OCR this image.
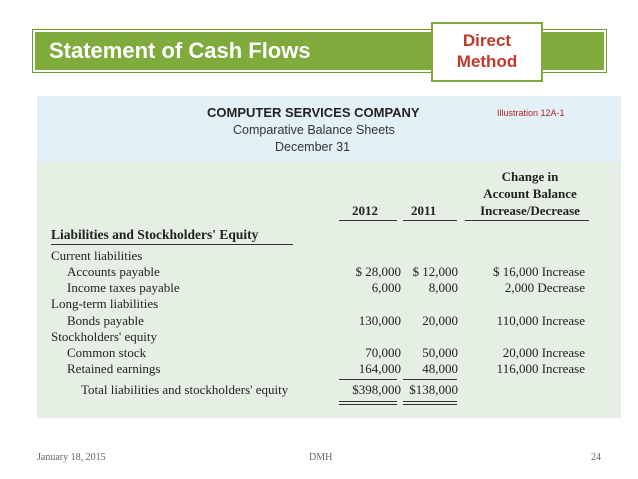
Statement of Cash Flows	Direct
Method
COMPUTER SERVICES COMPANY
Comparative Balance Sheets
December 31
Illustration 12A-1
Change in
Account Balance
Increase/Decrease
2012	2011
Liabilities and Stockholders' Equity
Current liabilities
Accounts payable	$ 28,000 $ 12,000	$ 16,000 Increase
Income taxes payable	6,000 8,000	2,000 Decrease
Long-term liabilities
Bonds payable	130,000 20,000	110,000 Increase
Stockholders' equity
Common stock	70,000 50,000	20,000 Increase
Retained earnings	164,000 48,000	116,000 Increase
Total liabilities and stockholders' equity	$398,000 $138,000
January 18, 2015	DMH	24
